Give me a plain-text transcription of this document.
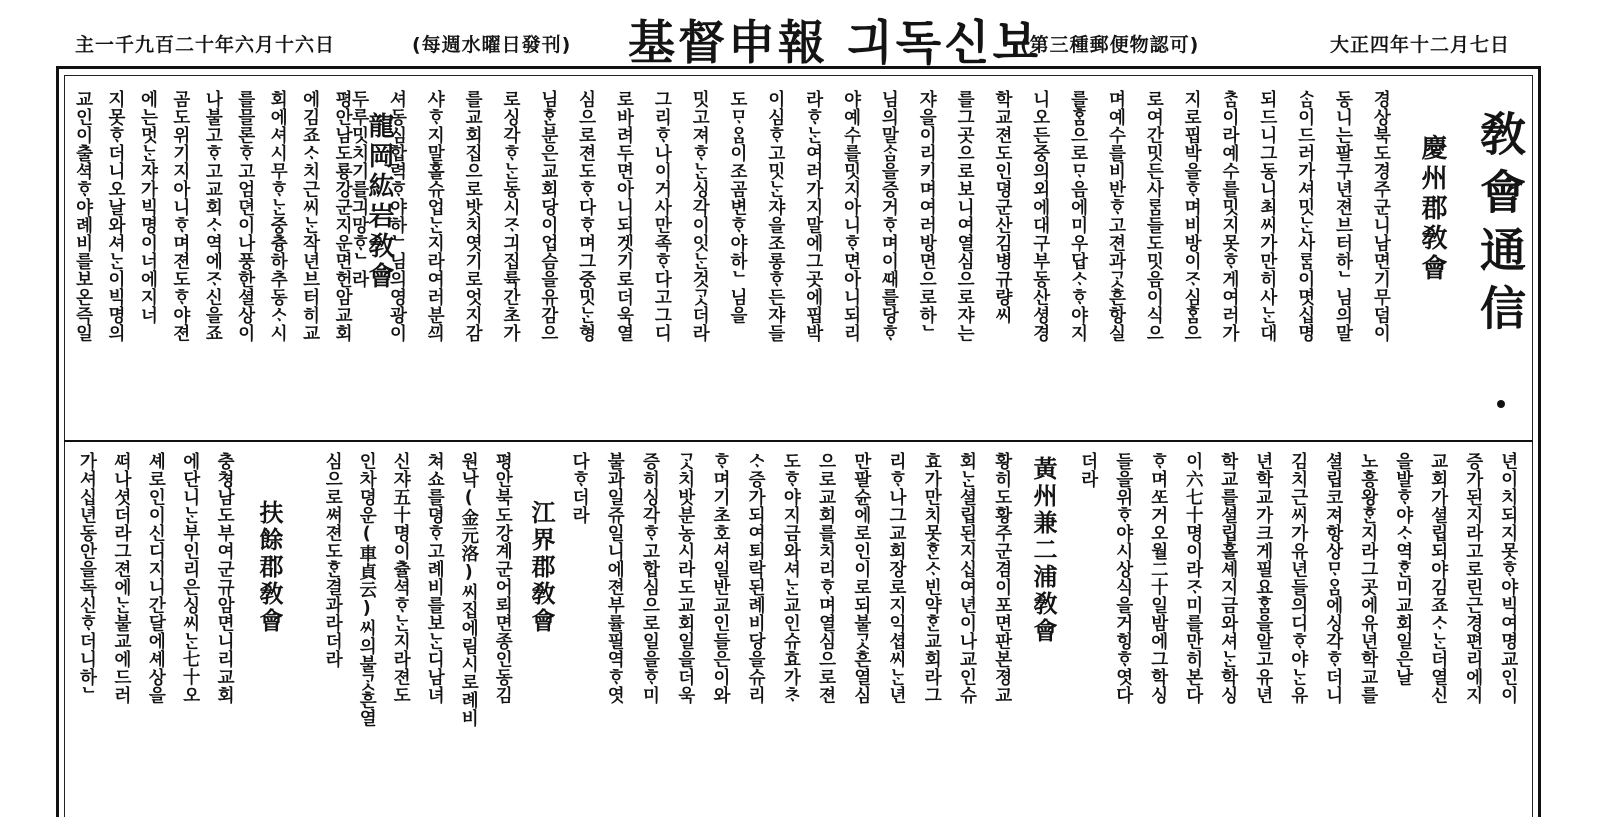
大正四年十二月七日
(第三種郵便物認可)
基督申報 긔독신보
(每週水曜日發刊)
主一千九百二十年六月十六日
敎會通信
慶州郡敎會
경상북도경주군니남면기무덤이
동니는팔구년젼브터하ᄂ님의말
ᄉᆞᆷ이드러가셔밋ᄂᆞᆫ사ᄅᆞᆷ이몃십명
되드니그동니최씨가만히사ᄂᆞᆫ대
ᄎᆞᆷ이라예수를밋지못ᄒᆞ게여러가
지로핍박을ᄒᆞ며비방이ᄌᆞ심ᄒᆞᆷ으
로여간밋든사ᄅᆞᆷ들도밋음이식으
며예수를비반ᄒᆞ고젼과ᄀᆞᆺ흔항실
를ᄒᆞᆷ으로ᄆᆞ음에미우답ᄉᆞᄒᆞ야지
니오든중의외에대구부동산셩경
학교젼도인뎡군산김병규량씨
를그곳으로보니여열심으로쟈는
쟈을이리키며여러방면으로하ᄂ
님의말ᄉᆞᆷ을증거ᄒᆞ며이ᄯᅢ를당ᄒᆞ
야예수를밋지아니ᄒᆞ면아니되리
라ᄒᆞᄂᆞᆫ여러가지말에그곳에핍박
이심ᄒᆞ고밋ᄂᆞᆫ쟈을조롱ᄒᆞ든쟈들
도ᄆᆞᄋᆞᆷ이조곰변ᄒᆞ야하ᄂ님을
밋고져ᄒᆞᄂᆞᆫ싱각이잇ᄂᆞᆫ것ᄀᆞᆺ더라
그리ᄒᆞ나이거사만족ᄒᆞ다고그디
로바려두면아니되겟기로더욱열
심으로젼도ᄒᆞ다ᄒᆞ며그중밋ᄂᆞᆫ형
님ᄒᆞᆫ분은교회당이업슴을유감으
로싱각ᄒᆞᄂᆞᆫ동시ᄌᆞ긔집륙간초가
를교회집으로밧치엿기로엇지감
샤ᄒᆞ지말홀슈업ᄂᆞᆫ지라여러분ᄭᅴ
셔동심합력ᄒᆞ야하ᄂ님의영광이
두루밋치기를긔망ᄒᆞᄂ라
龍岡紘岩敎會
평안남도룡강군지운면헌암교회
에김죠ᄉᆞ치근씨ᄂᆞᆫ작년브터히교
회에셔시무ᄒᆞᄂᆞᆫ중츙하추동ᄉᆞ시
를믈론ᄒᆞ고엄뎐이나풍한셜상이
나불고ᄒᆞ고교회ᄉᆞ역에ᄌᆞ신을죠
곰도위기지아니ᄒᆞ며젼도ᄒᆞ야젼
에는멋ᄂᆞᆫ쟈가빅명이너에지너
지못ᄒᆞ더니오날와셔ᄂᆞᆫ이빅명의
교인이출셕ᄒᆞ야례비를보온즉일
년이치되지못ᄒᆞ야빅여명교인이
증가된지라고로린근경편리에지
교회가셜립되야김죠ᄉᆞᄂᆞᆫ더열신
을발ᄒᆞ야ᄉᆞ역ᄒᆞᆫ미교회일은날
노흥왕ᄒᆞᆫ지라그곳에유년학교를
셜립코져항상ᄆᆞᄋᆞᆷ에싱각ᄒᆞ더니
김치근씨가유년들의디ᄒᆞ야ᄂᆞᆫ유
년학교가크게필요ᄒᆞᆷ을알고유년
학교를셜립홀셰지금와셔ᄂᆞᆫ학싱
이六七十명이라ᄌᆞ미를만히본다
ᄒᆞ며ᄯᅩ거오월二十일밤에그학싱
들을위ᄒᆞ야시상식을거힝ᄒᆞ엿다
더라
黃州兼二浦敎會
황히도황주군겸이포면판본졍교
회ᄂᆞᆫ셜립된지십여년이나교인슈
효가만치못ᄒᆞᆫᄉᆞ빈약ᄒᆞᆫ교회라그
리ᄒᆞ나그교회장로지익셥씨ᄂᆞᆫ년
만팔슌에로인이로되불ᄀᆞᆺ흔열심
으로교회를치리ᄒᆞ며열심으로젼
도ᄒᆞ야지금와셔ᄂᆞᆫ교인슈효가ᄎᆞ
ᄉᆞ증가되여퇴락된례비당을슈리
ᄒᆞ며기초호셔일반교인들은이와
ᄀᆞᆺ치밧분농시라도교회일을더욱
증히싱각ᄒᆞ고합심으로일을ᄒᆞ미
불과일쥬일니에젼부률필역ᄒᆞ엿
다ᄒᆞ더라
江界郡敎會
평안북도강계군어뢰면종인동김
원낙(金元洛)씨집에림시로례비
쳐쇼를뎡ᄒᆞ고례비를보ᄂᆞᆫ디남녀
신쟈五十명이츌셕ᄒᆞᄂᆞᆫ지라젼도
인차뎡운(車貞云)씨의불ᄀᆞᆺ흔열
심으로쎠젼도ᄒᆞᆫ결과라더라
扶餘郡敎會
충쳥남도부여군규암면니리교회
에단니ᄂᆞᆫ부인리은싱씨ᄂᆞᆫ七十오
셰로인이신디지니간달에셰상을
ᄯᅥ나셧더라그젼에ᄂᆞᆫ불교에드러
가셔십년동안을독신ᄒᆞ더니하ᄂ
